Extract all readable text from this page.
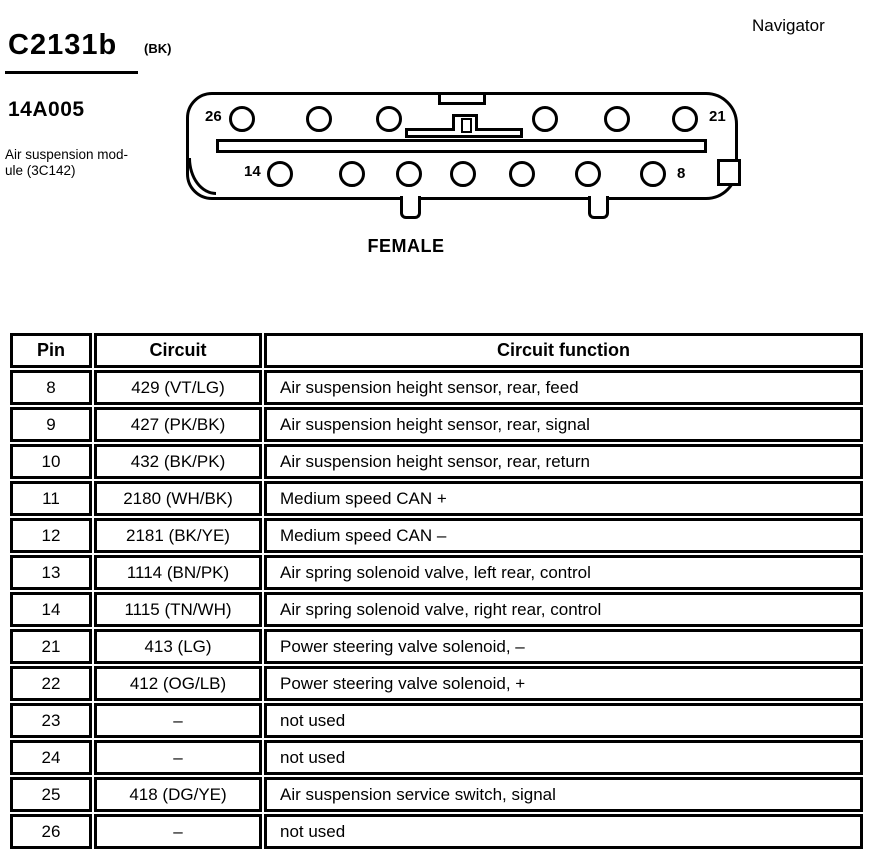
Navigator
C2131b (BK)
14A005
Air suspension mod-
ule (3C142)
26	21
14	8
FEMALE
Pin	Circuit	Circuit function
8	429 (VT/LG)	Air suspension height sensor, rear, feed
9	427 (PK/BK)	Air suspension height sensor, rear, signal
10	432 (BK/PK)	Air suspension height sensor, rear, return
11	2180 (WH/BK)	Medium speed CAN +
12	2181 (BK/YE)	Medium speed CAN –
13	1114 (BN/PK)	Air spring solenoid valve, left rear, control
14	1115 (TN/WH)	Air spring solenoid valve, right rear, control
21	413 (LG)	Power steering valve solenoid, –
22	412 (OG/LB)	Power steering valve solenoid, +
23	–	not used
24	–	not used
25	418 (DG/YE)	Air suspension service switch, signal
26	–	not used
